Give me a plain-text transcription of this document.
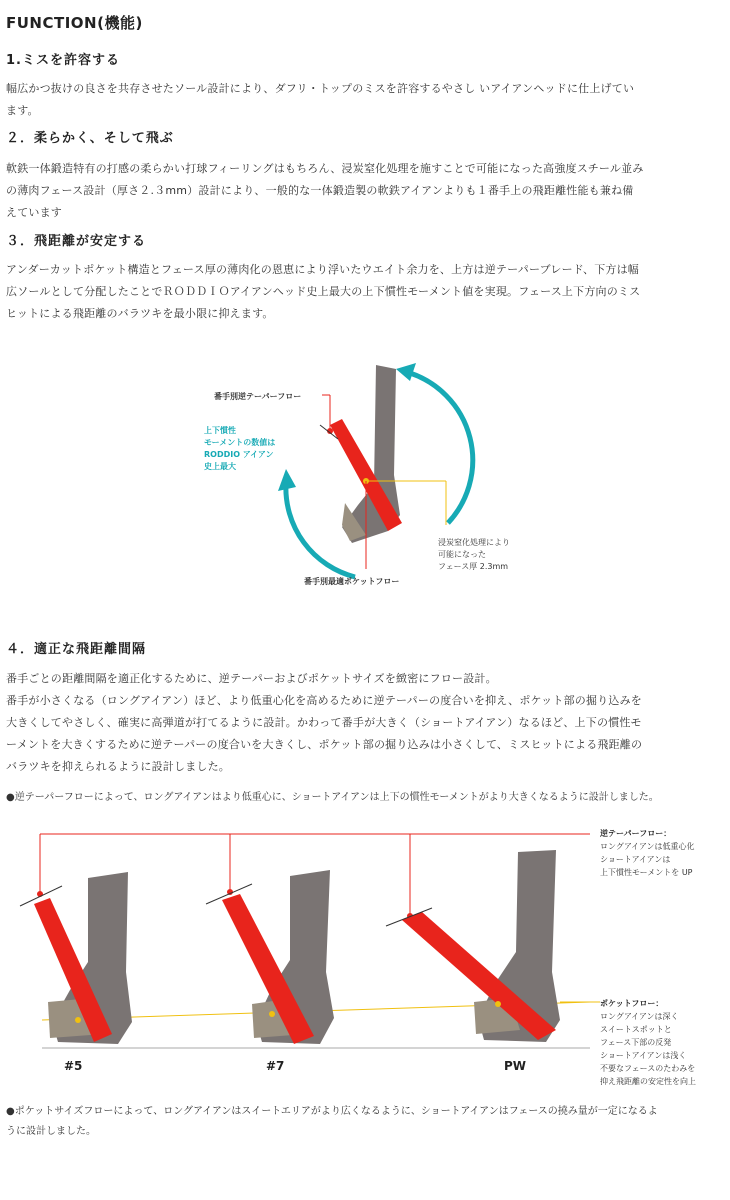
FUNCTION(機能)
1.ミスを許容する
幅広かつ抜けの良さを共存させたソール設計により、ダフリ・トップのミスを許容するやさし いアイアンヘッドに仕上げてい
ます。
２．柔らかく、そして飛ぶ
軟鉄一体鍛造特有の打感の柔らかい打球フィーリングはもちろん、浸炭窒化処理を施すことで可能になった高強度スチール並み
の薄肉フェース設計（厚さ２.３mm）設計により、一般的な一体鍛造製の軟鉄アイアンよりも１番手上の飛距離性能も兼ね備
えています
３．飛距離が安定する
アンダーカットポケット構造とフェース厚の薄肉化の恩恵により浮いたウエイト余力を、上方は逆テーパーブレード、下方は幅
広ソールとして分配したことでＲＯＤＤＩＯアイアンヘッド史上最大の上下慣性モーメント値を実現。フェース上下方向のミス
ヒットによる飛距離のバラツキを最小限に抑えます。
番手別逆テーパーフロー
上下慣性
モーメントの数値は
RODDIO アイアン
史上最大
浸炭窒化処理により
可能になった
フェース厚 2.3mm
番手別最適ポケットフロー
４．適正な飛距離間隔
番手ごとの距離間隔を適正化するために、逆テーパーおよびポケットサイズを緻密にフロー設計。
番手が小さくなる（ロングアイアン）ほど、より低重心化を高めるために逆テーパーの度合いを抑え、ポケット部の掘り込みを
大きくしてやさしく、確実に高弾道が打てるように設計。かわって番手が大きく（ショートアイアン）なるほど、上下の慣性モ
ーメントを大きくするために逆テーパーの度合いを大きくし、ポケット部の掘り込みは小さくして、ミスヒットによる飛距離の
バラツキを抑えられるように設計しました。
●逆テーパーフローによって、ロングアイアンはより低重心に、ショートアイアンは上下の慣性モーメントがより大きくなるように設計しました。
#5	#7	PW
逆テーパーフロー：
ロングアイアンは低重心化
ショートアイアンは
上下慣性モーメントを UP
ポケットフロー：
ロングアイアンは深く
スイートスポットと
フェース下部の反発
ショートアイアンは浅く
不要なフェースのたわみを
抑え飛距離の安定性を向上
●ポケットサイズフローによって、ロングアイアンはスイートエリアがより広くなるように、ショートアイアンはフェースの撓み量が一定になるよ
うに設計しました。
